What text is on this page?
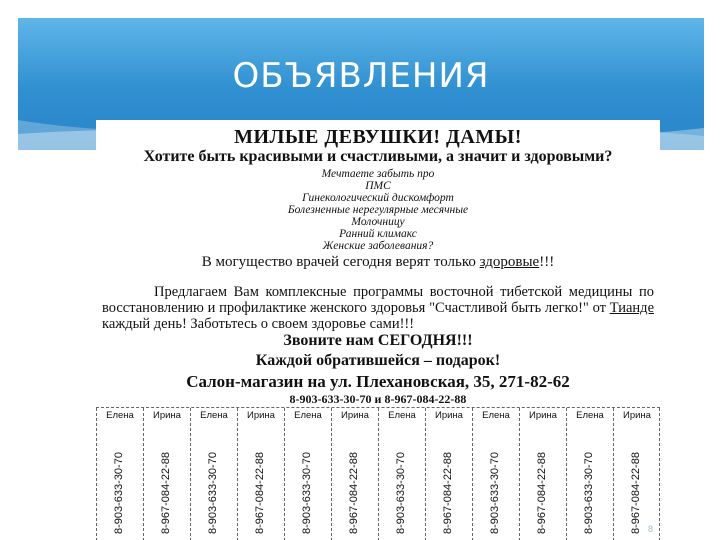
ОБЪЯВЛЕНИЯ
МИЛЫЕ ДЕВУШКИ! ДАМЫ!
Хотите быть красивыми и счастливыми, а значит и здоровыми?
Мечтаете забыть про
ПМС
Гинекологический дискомфорт
Болезненные нерегулярные месячные
Молочницу
Ранний климакс
Женские заболевания?
В могущество врачей сегодня верят только здоровые!!!
Предлагаем Вам комплексные программы восточной тибетской медицины по восстановлению и профилактике женского здоровья "Счастливой быть легко!" от Тианде каждый день! Заботьтесь о своем здоровье сами!!!
Звоните нам СЕГОДНЯ!!!
Каждой обратившейся – подарок!
Салон-магазин на ул. Плехановская, 35, 271-82-62
8-903-633-30-70 и 8-967-084-22-88
Елена
8-903-633-30-70
Ирина
8-967-084-22-88
Елена
8-903-633-30-70
Ирина
8-967-084-22-88
Елена
8-903-633-30-70
Ирина
8-967-084-22-88
Елена
8-903-633-30-70
Ирина
8-967-084-22-88
Елена
8-903-633-30-70
Ирина
8-967-084-22-88
Елена
8-903-633-30-70
Ирина
8-967-084-22-88 8
